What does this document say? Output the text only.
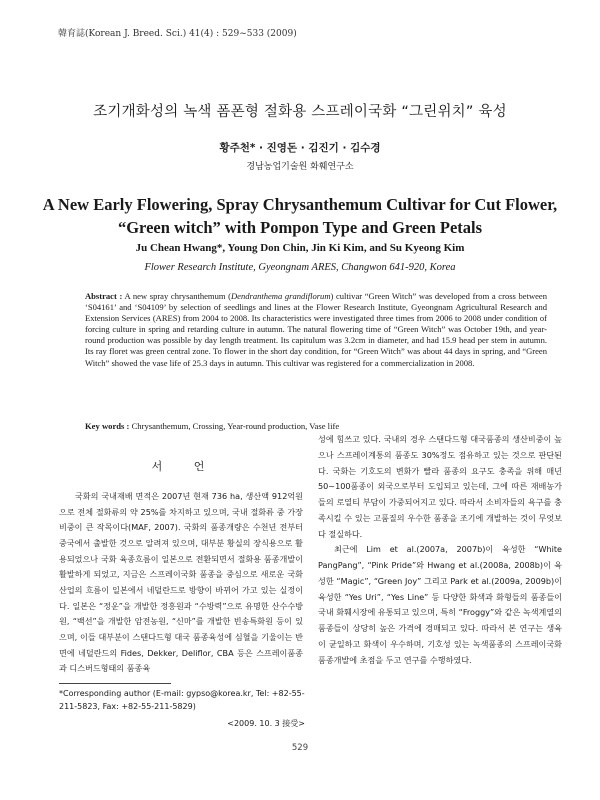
韓育誌(Korean J. Breed. Sci.) 41(4) : 529~533 (2009)
조기개화성의 녹색 폼폰형 절화용 스프레이국화 “그린위치” 육성
황주천* · 진영돈 · 김진기 · 김수경
경남농업기술원 화훼연구소
A New Early Flowering, Spray Chrysanthemum Cultivar for Cut Flower, “Green witch” with Pompon Type and Green Petals
Ju Chean Hwang*, Young Don Chin, Jin Ki Kim, and Su Kyeong Kim
Flower Research Institute, Gyeongnam ARES, Changwon 641-920, Korea
Abstract : A new spray chrysanthemum (Dendranthema grandiflorum) cultivar “Green Witch” was developed from a cross between ‘S04161’ and ‘S04109’ by selection of seedlings and lines at the Flower Research Institute, Gyeongnam Agricultural Research and Extension Services (ARES) from 2004 to 2008. Its characteristics were investigated three times from 2006 to 2008 under condition of forcing culture in spring and retarding culture in autumn. The natural flowering time of “Green Witch” was October 19th, and year-round production was possible by day length treatment. Its capitulum was 3.2cm in diameter, and had 15.9 head per stem in autumn. Its ray floret was green central zone. To flower in the short day condition, for “Green Witch” was about 44 days in spring, and “Green Witch” showed the vase life of 25.3 days in autumn. This cultivar was registered for a commercialization in 2008.
Key words : Chrysanthemum, Crossing, Year-round production, Vase life
서 언

국화의 국내재배 면적은 2007년 현재 736 ha, 생산액 912억원으로 전체 절화류의 약 25%를 차지하고 있으며, 국내 절화류 중 가장 비중이 큰 작목이다(MAF, 2007). 국화의 품종개량은 수천년 전부터 중국에서 출발한 것으로 알려져 있으며, 대부분 황실의 장식용으로 활용되었으나 국화 육종흐름이 일본으로 전환되면서 절화용 품종개발이 활발하게 되었고, 지금은 스프레이국화 품종을 중심으로 새로운 국화산업의 흐름이 일본에서 네덜란드로 방향이 바뀌어 가고 있는 실정이다. 일본은 “정운”을 개발한 정흥원과 “수방력”으로 유명한 산수수방원, “백선”을 개발한 암전농원, “신마”를 개발한 빈송특화원 등이 있으며, 이들 대부분이 스탠다드형 대국 품종육성에 심혈을 기울이는 반면에 네덜란드의 Fides, Dekker, Deliflor, CBA 등은 스프레이품종과 디스버드형태의 품종육

성에 힘쓰고 있다. 국내의 경우 스탠다드형 대국품종의 생산비중이 높으나 스프레이계통의 품종도 30%정도 점유하고 있는 것으로 판단된다. 국화는 기호도의 변화가 빨라 품종의 요구도 충족을 위해 매년 50~100품종이 외국으로부터 도입되고 있는데, 그에 따른 재배농가들의 로열티 부담이 가중되어지고 있다. 따라서 소비자들의 욕구를 충족시킬 수 있는 고품질의 우수한 품종을 조기에 개발하는 것이 무엇보다 절실하다.

최근에 Lim et al.(2007a, 2007b)이 육성한 “White PangPang”, “Pink Pride”와 Hwang et al.(2008a, 2008b)이 육성한 “Magic”, “Green Joy” 그리고 Park et al.(2009a, 2009b)이 육성한 “Yes Uri”, “Yes Line” 등 다양한 화색과 화형들의 품종들이 국내 화훼시장에 유통되고 있으며, 특히 “Froggy”와 같은 녹색계열의 품종들이 상당히 높은 가격에 경매되고 있다. 따라서 본 연구는 생육이 균일하고 화색이 우수하며, 기호성 있는 녹색품종의 스프레이국화 품종개발에 초점을 두고 연구를 수행하였다.

*Corresponding author (E-mail: gypso@korea.kr, Tel: +82-55-211-5823, Fax: +82-55-211-5829)
<2009. 10. 3 接受>
529
